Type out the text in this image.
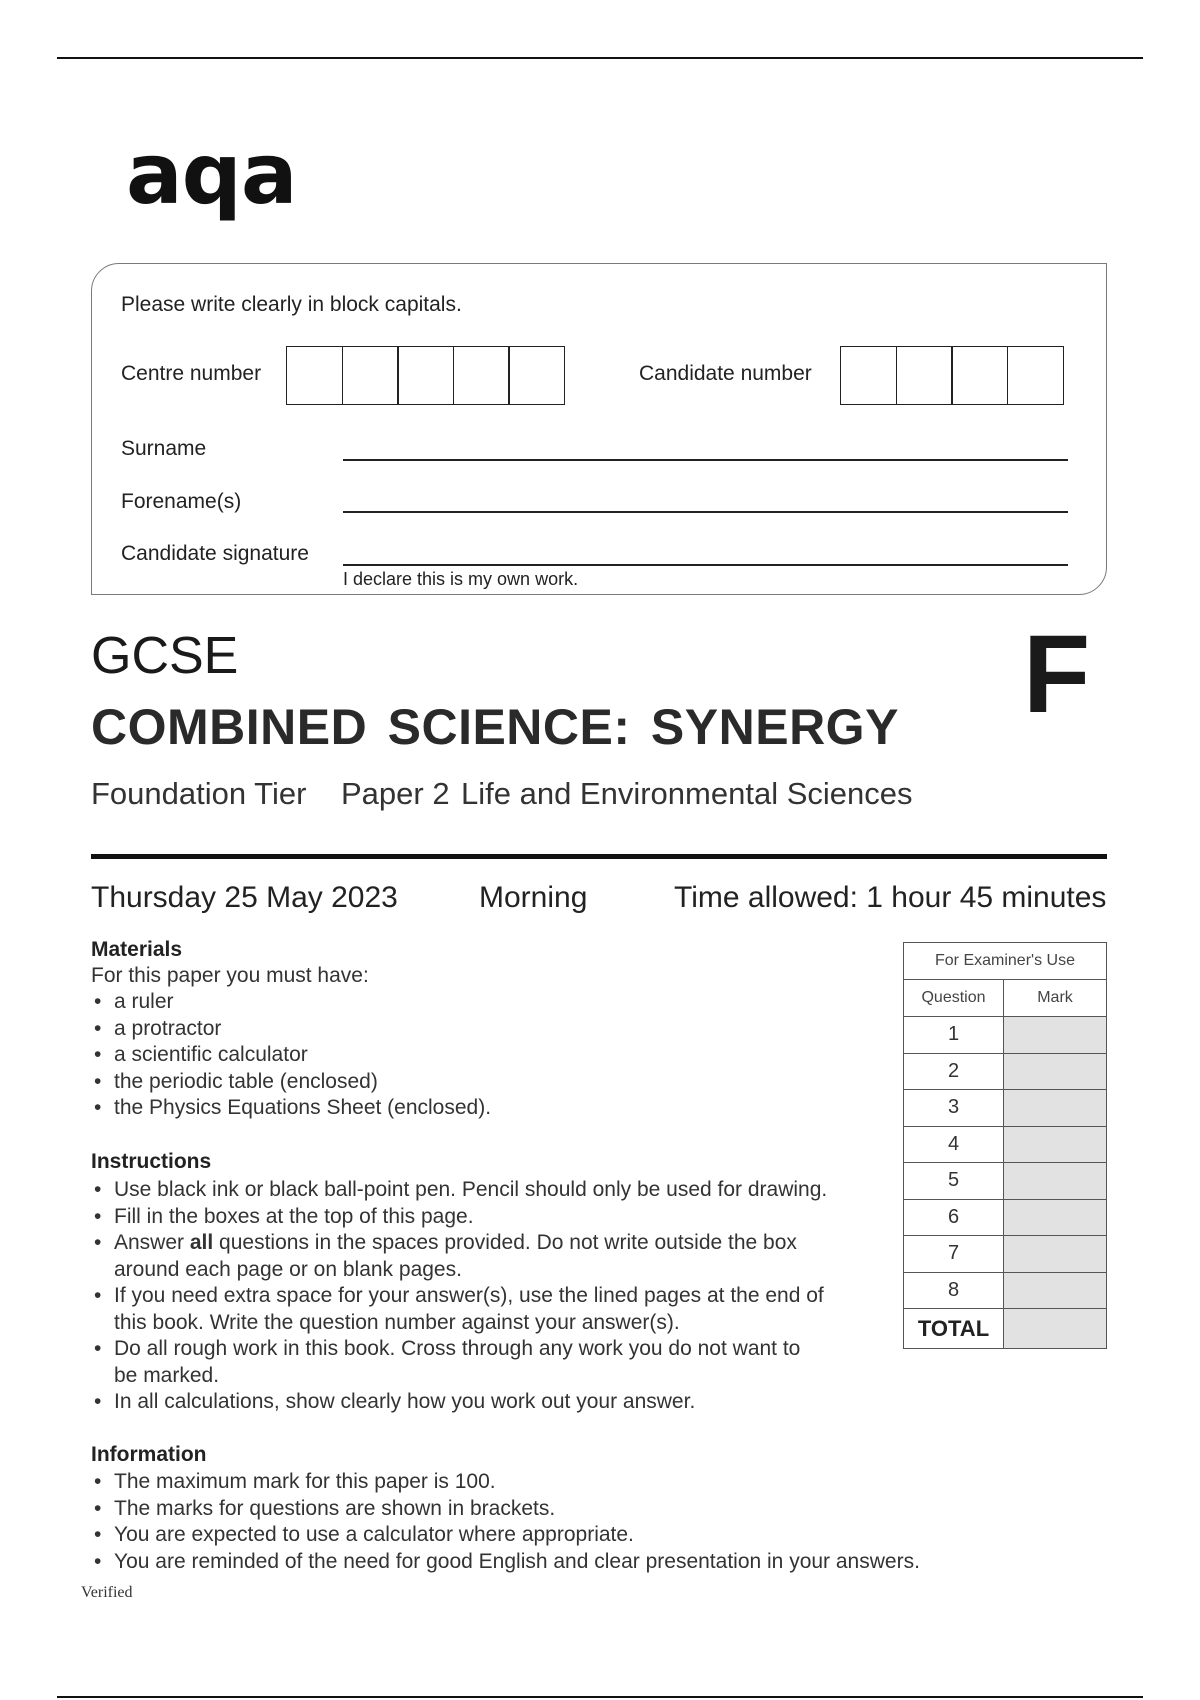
aqa
Please write clearly in block capitals.
Centre number	Candidate number
Surname
Forename(s)
Candidate signature
I declare this is my own work.
GCSE
COMBINED SCIENCE: SYNERGY
Foundation Tier Paper 2 Life and Environmental Sciences
F
Thursday 25 May 2023	Morning	Time allowed: 1 hour 45 minutes
Materials
For this paper you must have:
• a ruler
• a protractor
• a scientific calculator
• the periodic table (enclosed)
• the Physics Equations Sheet (enclosed).
Instructions
• Use black ink or black ball-point pen. Pencil should only be used for drawing.
• Fill in the boxes at the top of this page.
• Answer all questions in the spaces provided. Do not write outside the box
around each page or on blank pages.
• If you need extra space for your answer(s), use the lined pages at the end of
this book. Write the question number against your answer(s).
• Do all rough work in this book. Cross through any work you do not want to
be marked.
• In all calculations, show clearly how you work out your answer.
Information
• The maximum mark for this paper is 100.
• The marks for questions are shown in brackets.
• You are expected to use a calculator where appropriate.
• You are reminded of the need for good English and clear presentation in your answers.
For Examiner's Use	
Question	Mark
1	
2	
3	
4	
5	
6	
7	
8	
TOTAL	
Verified
